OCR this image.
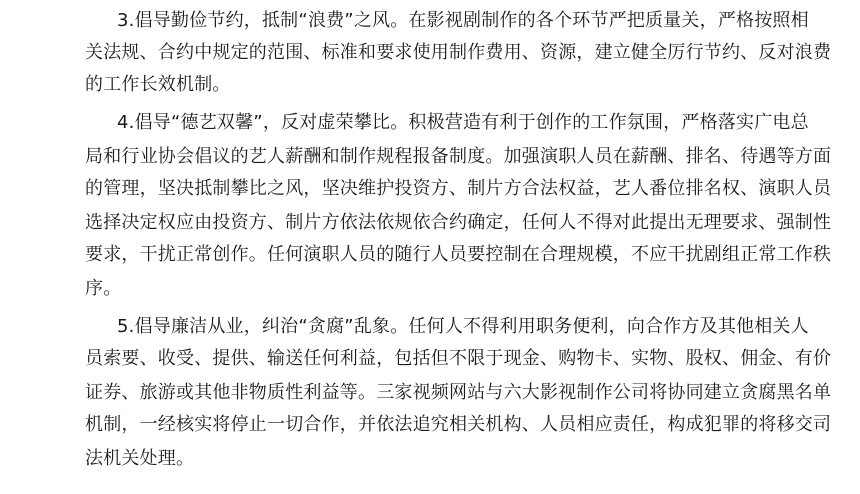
3.倡导勤俭节约，抵制“浪费”之风。在影视剧制作的各个环节严把质量关，严格按照相
关法规、合约中规定的范围、标准和要求使用制作费用、资源，建立健全厉行节约、反对浪费
的工作长效机制。
4.倡导“德艺双馨”，反对虚荣攀比。积极营造有利于创作的工作氛围，严格落实广电总
局和行业协会倡议的艺人薪酬和制作规程报备制度。加强演职人员在薪酬、排名、待遇等方面
的管理，坚决抵制攀比之风，坚决维护投资方、制片方合法权益，艺人番位排名权、演职人员
选择决定权应由投资方、制片方依法依规依合约确定，任何人不得对此提出无理要求、强制性
要求，干扰正常创作。任何演职人员的随行人员要控制在合理规模，不应干扰剧组正常工作秩
序。
5.倡导廉洁从业，纠治“贪腐”乱象。任何人不得利用职务便利，向合作方及其他相关人
员索要、收受、提供、输送任何利益，包括但不限于现金、购物卡、实物、股权、佣金、有价
证券、旅游或其他非物质性利益等。三家视频网站与六大影视制作公司将协同建立贪腐黑名单
机制，一经核实将停止一切合作，并依法追究相关机构、人员相应责任，构成犯罪的将移交司
法机关处理。
